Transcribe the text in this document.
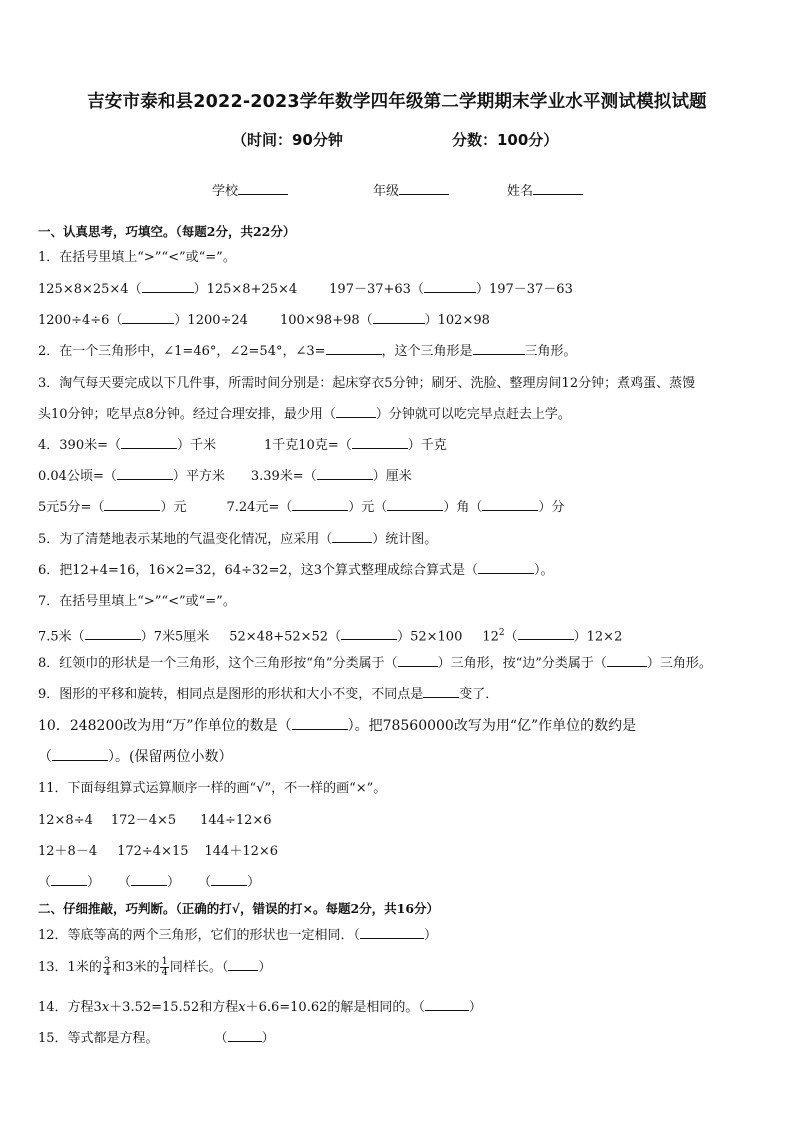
吉安市泰和县2022-2023学年数学四年级第二学期期末学业水平测试模拟试题
（时间：90分钟	分数：100分）
学校	年级	姓名
一、认真思考，巧填空。（每题2分，共22分）
1．在括号里填上“>”“<”或“=”。
125×8×25×4（	）125×8+25×4 197－37+63（	）197－37－63
1200÷4÷6（	）1200÷24 100×98+98（	）102×98
2．在一个三角形中，∠1=46°，∠2=54°，∠3=	，这个三角形是	三角形。
3．淘气每天要完成以下几件事，所需时间分别是：起床穿衣5分钟；刷牙、洗脸、整理房间12分钟；煮鸡蛋、蒸馒
头10分钟；吃早点8分钟。经过合理安排，最少用（	）分钟就可以吃完早点赶去上学。
4．390米=（	）千米	1千克10克=（	）千克
0.04公顷=（	）平方米 3.39米=（	）厘米
5元5分=（	）元	7.24元=（	）元（	）角（	）分
5．为了清楚地表示某地的气温变化情况，应采用（	）统计图。
6．把12+4=16，16×2=32，64÷32=2，这3个算式整理成综合算式是（	）。
7．在括号里填上“>”“<”或“=”。
7.5米（	）7米5厘米 52×48+52×52（	）52×100 $12^2$（	）12×2
8．红领巾的形状是一个三角形，这个三角形按“角”分类属于（	）三角形，按“边”分类属于（	）三角形。
9．图形的平移和旋转，相同点是图形的形状和大小不变，不同点是	变了．
10．248200改为用“万”作单位的数是（	）。把78560000改写为用“亿”作单位的数约是
（	）。(保留两位小数）
11．下面每组算式运算顺序一样的画“√”，不一样的画“×”。
12×8÷4 172－4×5 144÷12×6
12＋8－4 172÷4×15 144＋12×6
（	） （	） （	）
二、仔细推敲，巧判断。（正确的打√，错误的打×。每题2分，共16分）
12．等底等高的两个三角形，它们的形状也一定相同．（	）
13．1米的 $\frac{3}{4}$ 和3米的 $\frac{1}{4}$ 同样长。（ ）
14．方程3x＋3.52=15.52和方程x＋6.6=10.62的解是相同的。（	）
15．等式都是方程。	（	）
